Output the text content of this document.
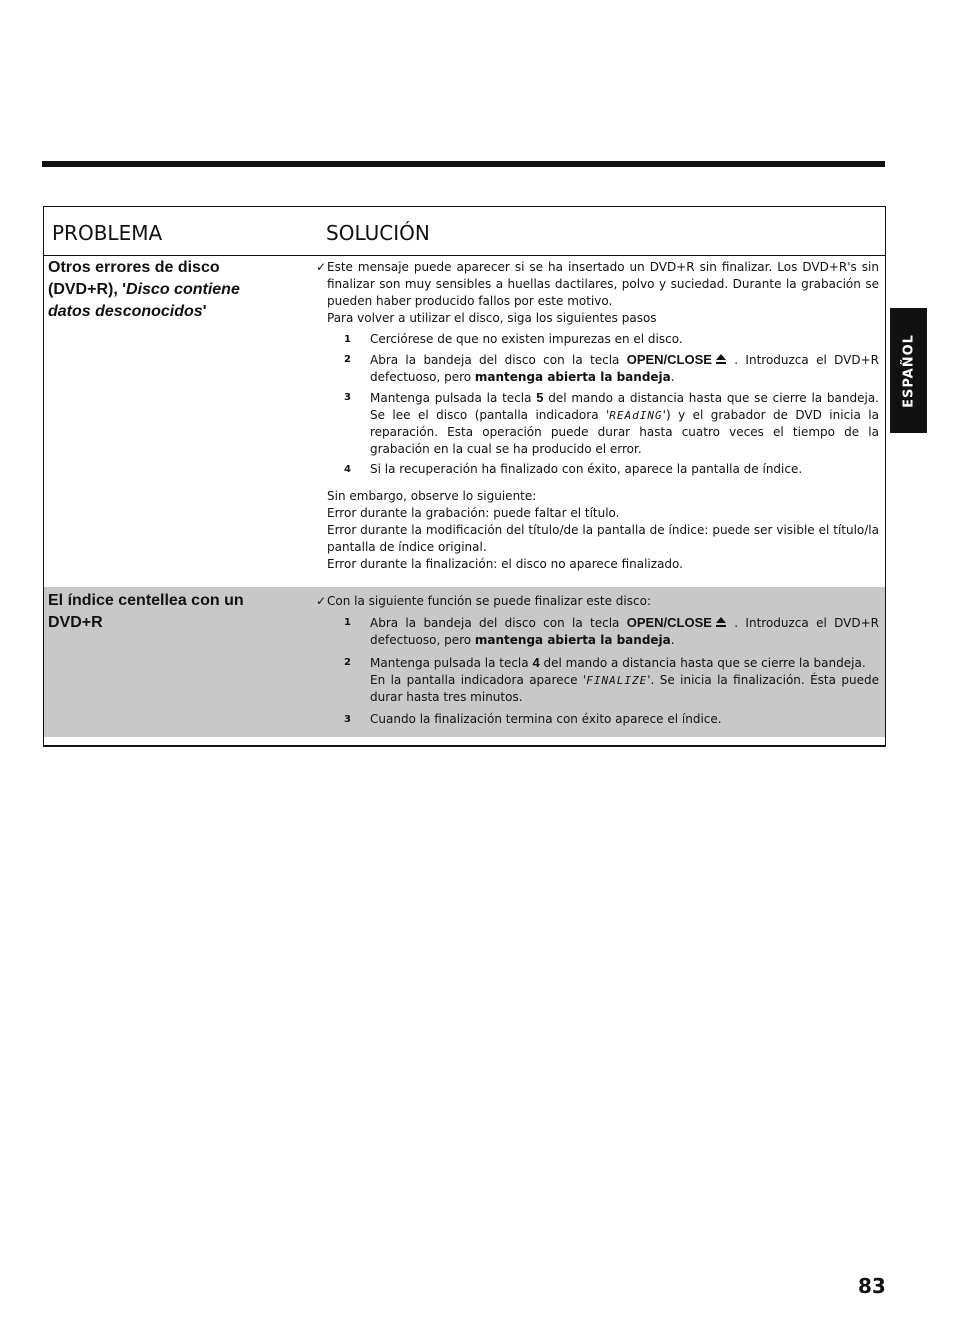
ESPAÑOL
PROBLEMA	SOLUCIÓN
Otros errores de disco
(DVD+R), 'Disco contiene
datos desconocidos'

✓Este mensaje puede aparecer si se ha insertado un DVD+R sin finalizar. Los DVD+R's sin finalizar son muy sensibles a huellas dactilares, polvo y suciedad. Durante la grabación se pueden haber producido fallos por este motivo.

Para volver a utilizar el disco, siga los siguientes pasos

1 Cerciórese de que no existen impurezas en el disco.
2 Abra la bandeja del disco con la tecla OPEN/CLOSE . Introduzca el DVD+R defectuoso, pero mantenga abierta la bandeja.
3 Mantenga pulsada la tecla 5 del mando a distancia hasta que se cierre la bandeja. Se lee el disco (pantalla indicadora 'REAdING') y el grabador de DVD inicia la reparación. Esta operación puede durar hasta cuatro veces el tiempo de la grabación en la cual se ha producido el error.
4 Si la recuperación ha finalizado con éxito, aparece la pantalla de índice.

Sin embargo, observe lo siguiente:

Error durante la grabación: puede faltar el título.

Error durante la modificación del título/de la pantalla de índice: puede ser visible el título/la pantalla de índice original.

Error durante la finalización: el disco no aparece finalizado.

El índice centellea con un DVD+R

✓Con la siguiente función se puede finalizar este disco:

1 Abra la bandeja del disco con la tecla OPEN/CLOSE . Introduzca el DVD+R defectuoso, pero mantenga abierta la bandeja.
2 Mantenga pulsada la tecla 4 del mando a distancia hasta que se cierre la bandeja.
En la pantalla indicadora aparece 'FINALIZE'. Se inicia la finalización. Ésta puede durar hasta tres minutos.
3 Cuando la finalización termina con éxito aparece el índice.
83
